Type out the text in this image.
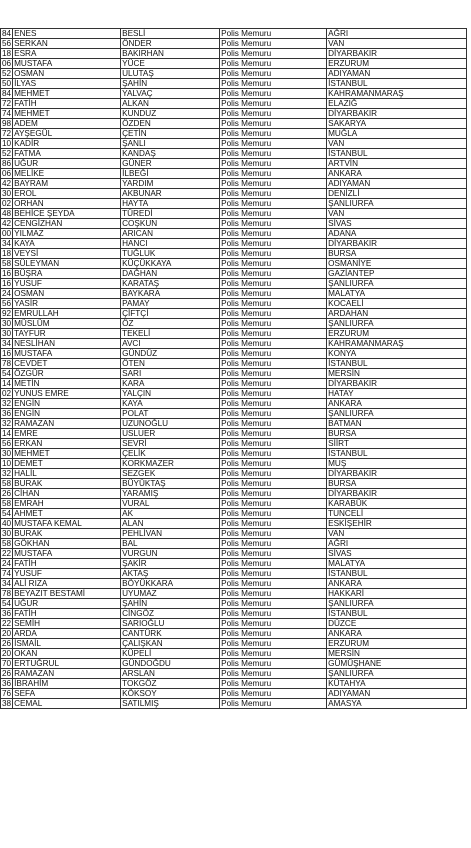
84	ENES	BESLİ	Polis Memuru	AĞRI
56	SERKAN	ÖNDER	Polis Memuru	VAN
18	ESRA	BAKIRHAN	Polis Memuru	DİYARBAKIR
06	MUSTAFA	YÜCE	Polis Memuru	ERZURUM
52	OSMAN	ULUTAŞ	Polis Memuru	ADIYAMAN
50	İLYAS	ŞAHİN	Polis Memuru	İSTANBUL
84	MEHMET	YALVAÇ	Polis Memuru	KAHRAMANMARAŞ
72	FATİH	ALKAN	Polis Memuru	ELAZIĞ
74	MEHMET	KUNDUZ	Polis Memuru	DİYARBAKIR
98	ADEM	ÖZDEN	Polis Memuru	SAKARYA
72	AYŞEGÜL	ÇETİN	Polis Memuru	MUĞLA
10	KADİR	ŞANLI	Polis Memuru	VAN
52	FATMA	KANDAŞ	Polis Memuru	İSTANBUL
86	UĞUR	GÜNER	Polis Memuru	ARTVİN
06	MELİKE	İLBEĞİ	Polis Memuru	ANKARA
42	BAYRAM	YARDIM	Polis Memuru	ADIYAMAN
30	EROL	AKBUNAR	Polis Memuru	DENİZLİ
02	ORHAN	HAYTA	Polis Memuru	ŞANLIURFA
48	BEHİCE ŞEYDA	TÜREDİ	Polis Memuru	VAN
42	CENGİZHAN	COŞKUN	Polis Memuru	SİVAS
00	YILMAZ	ARICAN	Polis Memuru	ADANA
34	KAYA	HANCI	Polis Memuru	DİYARBAKIR
18	VEYSİ	TUĞLUK	Polis Memuru	BURSA
58	SÜLEYMAN	KÜÇÜKKAYA	Polis Memuru	OSMANİYE
16	BÜŞRA	DAĞHAN	Polis Memuru	GAZİANTEP
16	YUSUF	KARATAŞ	Polis Memuru	ŞANLIURFA
24	OSMAN	BAYKARA	Polis Memuru	MALATYA
56	YASİR	PAMAY	Polis Memuru	KOCAELİ
92	EMRULLAH	ÇİFTÇİ	Polis Memuru	ARDAHAN
30	MÜSLÜM	ÖZ	Polis Memuru	ŞANLIURFA
30	TAYFUR	TEKELİ	Polis Memuru	ERZURUM
34	NESLİHAN	AVCI	Polis Memuru	KAHRAMANMARAŞ
16	MUSTAFA	GÜNDÜZ	Polis Memuru	KONYA
78	CEVDET	ÖTEN	Polis Memuru	İSTANBUL
54	ÖZGÜR	SARI	Polis Memuru	MERSİN
14	METİN	KARA	Polis Memuru	DİYARBAKIR
02	YUNUS EMRE	YALÇIN	Polis Memuru	HATAY
32	ENGİN	KAYA	Polis Memuru	ANKARA
36	ENGİN	POLAT	Polis Memuru	ŞANLIURFA
32	RAMAZAN	UZUNOĞLU	Polis Memuru	BATMAN
14	EMRE	USLUER	Polis Memuru	BURSA
56	ERKAN	SEVRİ	Polis Memuru	SİİRT
30	MEHMET	ÇELİK	Polis Memuru	İSTANBUL
10	DEMET	KORKMAZER	Polis Memuru	MUŞ
32	HALİL	SEZGEK	Polis Memuru	DİYARBAKIR
58	BURAK	BÜYÜKTAŞ	Polis Memuru	BURSA
26	CİHAN	YARAMIŞ	Polis Memuru	DİYARBAKIR
58	EMRAH	VURAL	Polis Memuru	KARABÜK
54	AHMET	AK	Polis Memuru	TUNCELİ
40	MUSTAFA KEMAL	ALAN	Polis Memuru	ESKİŞEHİR
30	BURAK	PEHLİVAN	Polis Memuru	VAN
58	GÖKHAN	BAL	Polis Memuru	AĞRI
22	MUSTAFA	VURGUN	Polis Memuru	SİVAS
24	FATİH	ŞAKİR	Polis Memuru	MALATYA
74	YUSUF	AKTAŞ	Polis Memuru	İSTANBUL
34	ALİ RIZA	BÖYÜKKARA	Polis Memuru	ANKARA
78	BEYAZIT BESTAMİ	UYUMAZ	Polis Memuru	HAKKARİ
54	UĞUR	ŞAHİN	Polis Memuru	ŞANLIURFA
36	FATİH	CİNGÖZ	Polis Memuru	İSTANBUL
22	SEMİH	SARIOĞLU	Polis Memuru	DÜZCE
20	ARDA	CANTÜRK	Polis Memuru	ANKARA
26	İSMAİL	ÇALIŞKAN	Polis Memuru	ERZURUM
20	OKAN	KÜPELİ	Polis Memuru	MERSİN
70	ERTUĞRUL	GÜNDOĞDU	Polis Memuru	GÜMÜŞHANE
26	RAMAZAN	ARSLAN	Polis Memuru	ŞANLIURFA
36	İBRAHİM	TOKGÖZ	Polis Memuru	KÜTAHYA
76	SEFA	KÖKSOY	Polis Memuru	ADIYAMAN
38	CEMAL	SATILMIŞ	Polis Memuru	AMASYA
